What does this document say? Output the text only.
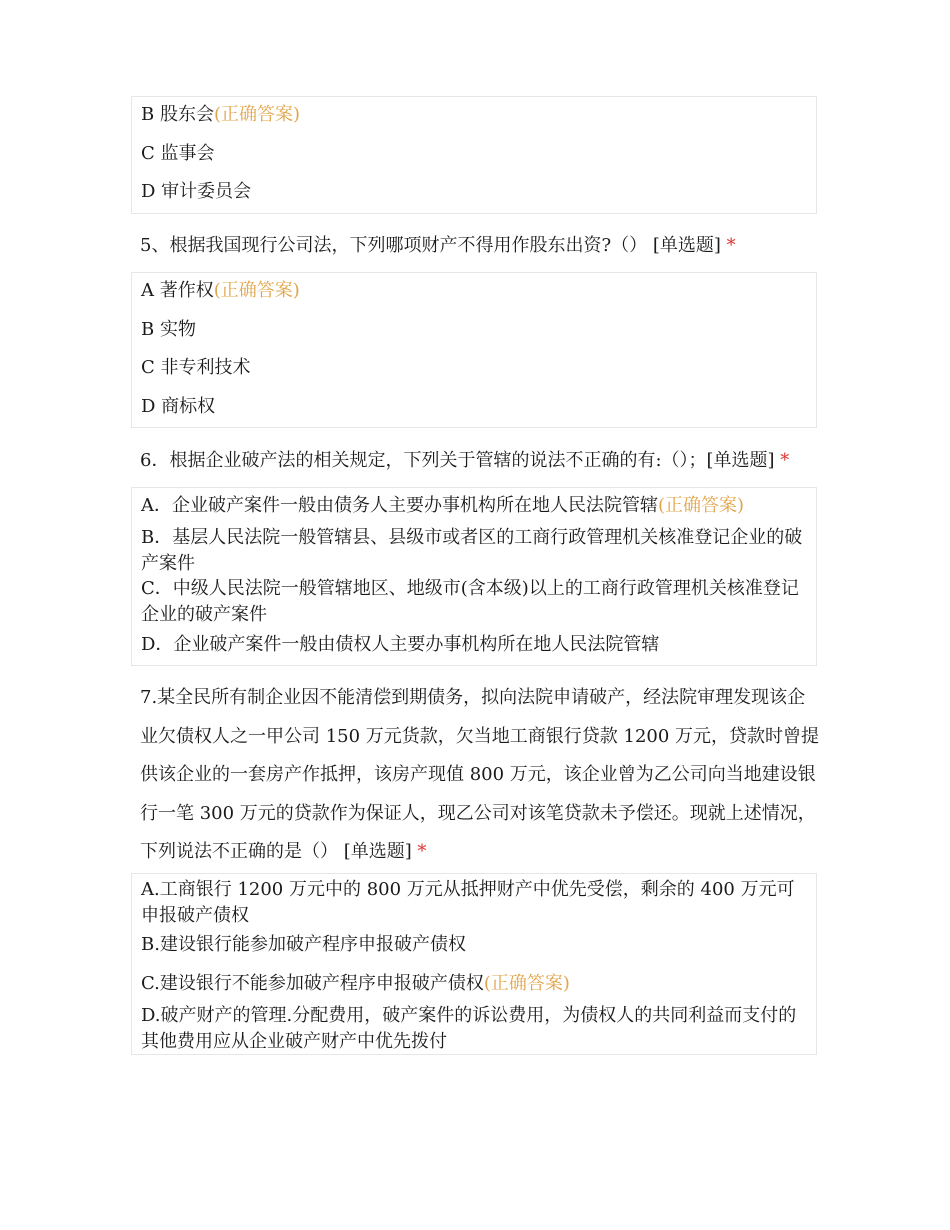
B 股东会(正确答案)
C 监事会
D 审计委员会
5、根据我国现行公司法，下列哪项财产不得用作股东出资?（） [单选题] *
A 著作权(正确答案)
B 实物
C 非专利技术
D 商标权
6．根据企业破产法的相关规定，下列关于管辖的说法不正确的有:（）；[单选题] *
A．企业破产案件一般由债务人主要办事机构所在地人民法院管辖(正确答案)
B．基层人民法院一般管辖县、县级市或者区的工商行政管理机关核准登记企业的破产案件
C．中级人民法院一般管辖地区、地级市(含本级)以上的工商行政管理机关核准登记企业的破产案件
D．企业破产案件一般由债权人主要办事机构所在地人民法院管辖
7.某全民所有制企业因不能清偿到期债务，拟向法院申请破产，经法院审理发现该企业欠债权人之一甲公司 150 万元货款，欠当地工商银行贷款 1200 万元，贷款时曾提供该企业的一套房产作抵押，该房产现值 800 万元，该企业曾为乙公司向当地建设银行一笔 300 万元的贷款作为保证人，现乙公司对该笔贷款未予偿还。现就上述情况，下列说法不正确的是（） [单选题] *
A.工商银行 1200 万元中的 800 万元从抵押财产中优先受偿，剩余的 400 万元可申报破产债权
B.建设银行能参加破产程序申报破产债权
C.建设银行不能参加破产程序申报破产债权(正确答案)
D.破产财产的管理.分配费用，破产案件的诉讼费用，为债权人的共同利益而支付的其他费用应从企业破产财产中优先拨付
